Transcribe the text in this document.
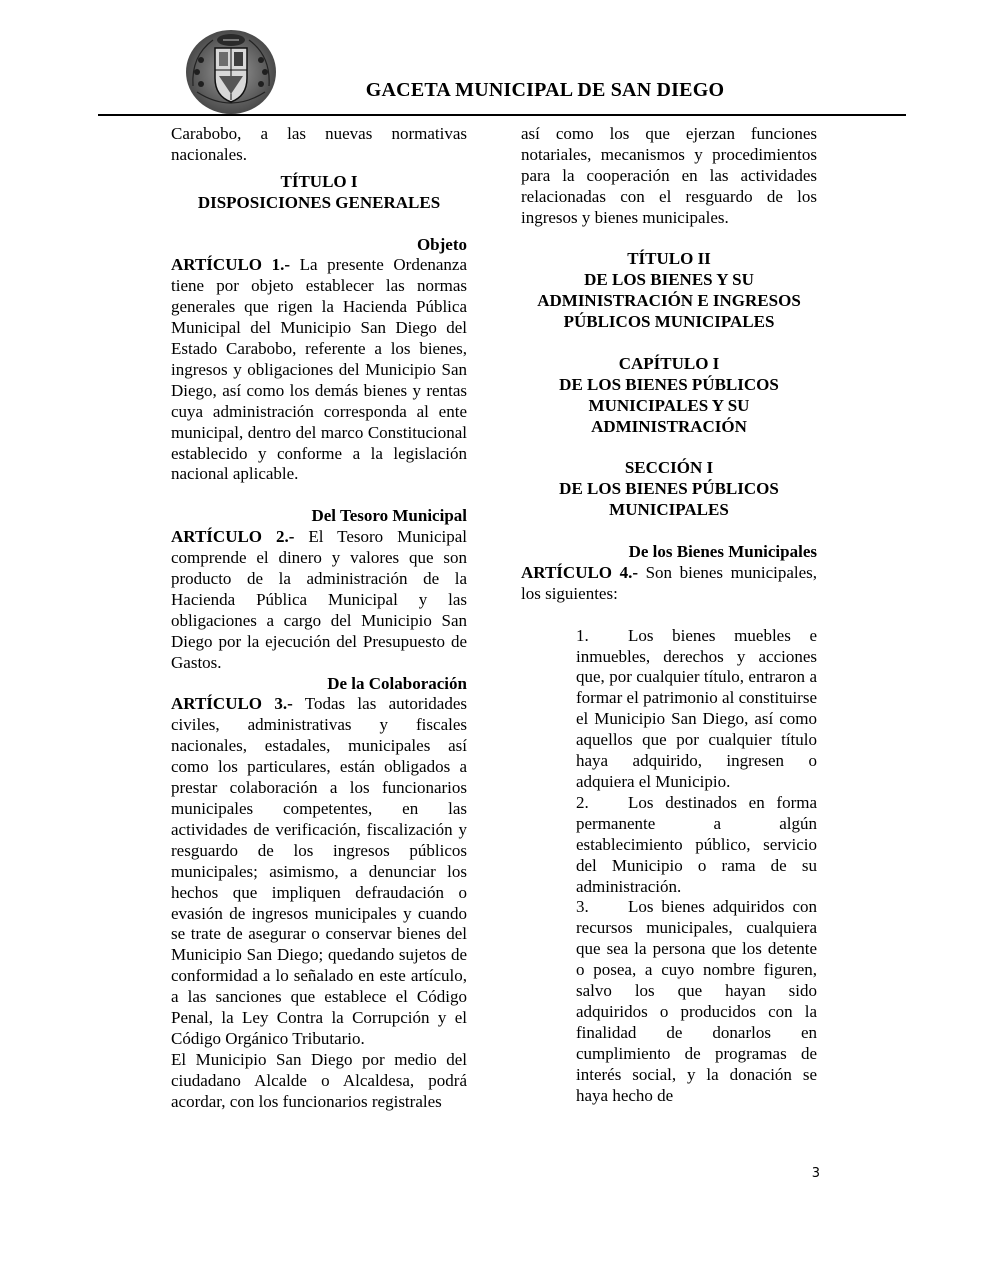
GACETA MUNICIPAL DE SAN DIEGO

Carabobo, a las nuevas normativas nacionales.

TÍTULO I
DISPOSICIONES GENERALES
Objeto

ARTÍCULO 1.- La presente Ordenanza tiene por objeto establecer las normas generales que rigen la Hacienda Pública Municipal del Municipio San Diego del Estado Carabobo, referente a los bienes, ingresos y obligaciones del Municipio San Diego, así como los demás bienes y rentas cuya administración corresponda al ente municipal, dentro del marco Constitucional establecido y conforme a la legislación nacional aplicable.

Del Tesoro Municipal

ARTÍCULO 2.- El Tesoro Municipal comprende el dinero y valores que son producto de la administración de la Hacienda Pública Municipal y las obligaciones a cargo del Municipio San Diego por la ejecución del Presupuesto de Gastos.

De la Colaboración

ARTÍCULO 3.- Todas las autoridades civiles, administrativas y fiscales nacionales, estadales, municipales así como los particulares, están obligados a prestar colaboración a los funcionarios municipales competentes, en las actividades de verificación, fiscalización y resguardo de los ingresos públicos municipales; asimismo, a denunciar los hechos que impliquen defraudación o evasión de ingresos municipales y cuando se trate de asegurar o conservar bienes del Municipio San Diego; quedando sujetos de conformidad a lo señalado en este artículo, a las sanciones que establece el Código Penal, la Ley Contra la Corrupción y el Código Orgánico Tributario.

El Municipio San Diego por medio del ciudadano Alcalde o Alcaldesa, podrá acordar, con los funcionarios registrales

así como los que ejerzan funciones notariales, mecanismos y procedimientos para la cooperación en las actividades relacionadas con el resguardo de los ingresos y bienes municipales.

TÍTULO II
DE LOS BIENES Y SU
ADMINISTRACIÓN E INGRESOS
PÚBLICOS MUNICIPALES
CAPÍTULO I
DE LOS BIENES PÚBLICOS
MUNICIPALES Y SU
ADMINISTRACIÓN
SECCIÓN I
DE LOS BIENES PÚBLICOS
MUNICIPALES
De los Bienes Municipales

ARTÍCULO 4.- Son bienes municipales, los siguientes:

1. Los bienes muebles e inmuebles, derechos y acciones que, por cualquier título, entraron a formar el patrimonio al constituirse el Municipio San Diego, así como aquellos que por cualquier título haya adquirido, ingresen o adquiera el Municipio.
2. Los destinados en forma permanente a algún establecimiento público, servicio del Municipio o rama de su administración.
3. Los bienes adquiridos con recursos municipales, cualquiera que sea la persona que los detente o posea, a cuyo nombre figuren, salvo los que hayan sido adquiridos o producidos con la finalidad de donarlos en cumplimiento de programas de interés social, y la donación se haya hecho de
3
